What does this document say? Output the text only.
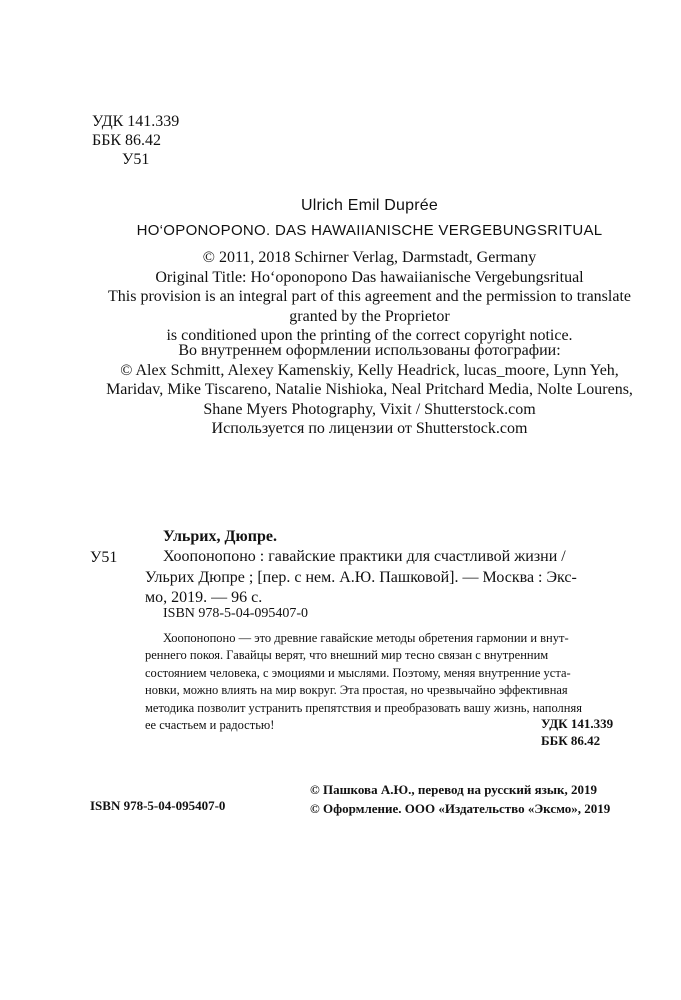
УДК 141.339
ББК 86.42
У51
Ulrich Emil Duprée
HO‘OPONOPONO. DAS HAWAIIANISCHE VERGEBUNGSRITUAL
© 2011, 2018 Schirner Verlag, Darmstadt, Germany
Original Title: Ho‘oponopono Das hawaiianische Vergebungsritual
This provision is an integral part of this agreement and the permission to translate
granted by the Proprietor
is conditioned upon the printing of the correct copyright notice.
Во внутреннем оформлении использованы фотографии:
© Alex Schmitt, Alexey Kamenskiy, Kelly Headrick, lucas_moore, Lynn Yeh,
Maridav, Mike Tiscareno, Natalie Nishioka, Neal Pritchard Media, Nolte Lourens,
Shane Myers Photography, Vixit / Shutterstock.com
Используется по лицензии от Shutterstock.com
Ульрих, Дюпре.
У51	Хоопонопоно : гавайские практики для счастливой жизни /
Ульрих Дюпре ; [пер. с нем. А.Ю. Пашковой]. — Москва : Экс-
мо, 2019. — 96 с.
ISBN 978-5-04-095407-0
Хоопонопоно — это древние гавайские методы обретения гармонии и внут-
реннего покоя. Гавайцы верят, что внешний мир тесно связан с внутренним
состоянием человека, с эмоциями и мыслями. Поэтому, меняя внутренние уста-
новки, можно влиять на мир вокруг. Эта простая, но чрезвычайно эффективная
методика позволит устранить препятствия и преобразовать вашу жизнь, наполняя
ее счастьем и радостью!	УДК 141.339
ББК 86.42
© Пашкова А.Ю., перевод на русский язык, 2019
© Оформление. ООО «Издательство «Эксмо», 2019
ISBN 978-5-04-095407-0
